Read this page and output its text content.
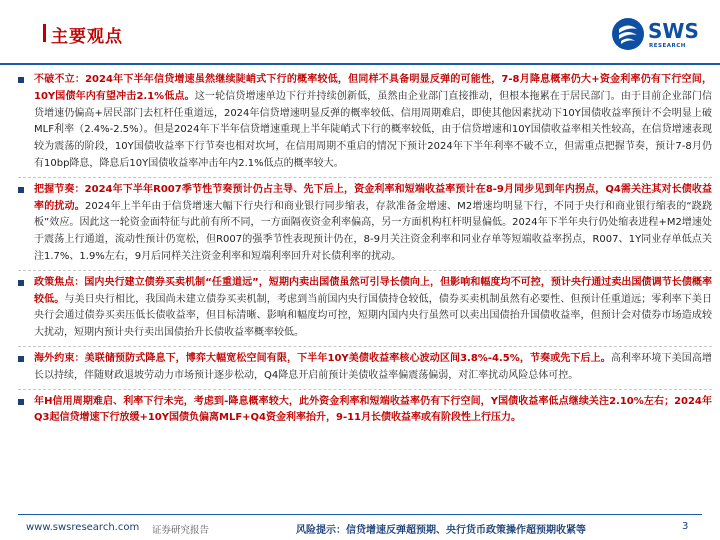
主要观点	SWS
RESEARCH

不破不立：2024年下半年信贷增速虽然继续陡峭式下行的概率较低，但同样不具备明显反弹的可能性，7-8月降息概率仍大+资金利率仍有下行空间，10Y国债年内有望冲击2.1%低点。这一轮信贷增速单边下行并持续创新低，虽然由企业部门直接推动，但根本拖累在于居民部门。由于目前企业部门信贷增速仍偏高+居民部门去杠杆任重道远，2024年信贷增速明显反弹的概率较低、信用周期难启，即使其他因素扰动下10Y国债收益率预计不会明显上破MLF利率（2.4%-2.5%）。但是2024年下半年信贷增速重现上半年陡峭式下行的概率较低，由于信贷增速和10Y国债收益率相关性较高，在信贷增速表现较为震荡的阶段，10Y国债收益率下行节奏也相对坎坷，在信用周期不重启的情况下预计2024年下半年利率不破不立，但需重点把握节奏，预计7-8月仍有10bp降息，降息后10Y国债收益率冲击年内2.1%低点的概率较大。

把握节奏：2024年下半年R007季节性节奏预计仍占主导、先下后上，资金利率和短端收益率预计在8-9月同步见到年内拐点，Q4需关注其对长债收益率的扰动。2024年上半年由于信贷增速大幅下行央行和商业银行同步缩表，存款准备金增速、M2增速均明显下行，不同于央行和商业银行缩表的“跷跷板”效应。因此这一轮资金面特征与此前有所不同，一方面隔夜资金利率偏高，另一方面机构杠杆明显偏低。2024年下半年央行仍处缩表进程+M2增速处于震荡上行通道，流动性预计仍宽松，但R007的强季节性表现预计仍在，8-9月关注资金利率和同业存单等短端收益率拐点，R007、1Y同业存单低点关注1.7%、1.9%左右，9月后同样关注资金利率和短端利率回升对长债利率的扰动。

政策焦点：国内央行建立债券买卖机制“任重道远”，短期内卖出国债虽然可引导长债向上，但影响和幅度均不可控，预计央行通过卖出国债调节长债概率较低。与美日央行相比，我国尚未建立债券买卖机制，考虑到当前国内央行国债持仓较低，债券买卖机制虽然有必要性、但预计任重道远；零利率下美日央行会通过债券买卖压低长债收益率，但目标清晰、影响和幅度均可控，短期内国内央行虽然可以卖出国债抬升国债收益率，但预计会对债券市场造成较大扰动，短期内预计央行卖出国债抬升长债收益率概率较低。

海外约束：美联储预防式降息下，博弈大幅宽松空间有限，下半年10Y美债收益率核心波动区间3.8%-4.5%，节奏或先下后上。高利率环境下美国高增长以持续，伴随财政退坡劳动力市场预计逐步松动，Q4降息开启前预计美债收益率偏震荡偏弱，对汇率扰动风险总体可控。

年H信用周期难启、利率下行未完，考虑到-降息概率较大，此外资金利率和短端收益率仍有下行空间，Y国债收益率低点继续关注2.10%左右；2024年Q3起信贷增速下行放缓+10Y国债负偏离MLF+Q4资金利率抬升，9-11月长债收益率或有阶段性上行压力。

www.swsresearch.com 证券研究报告	风险提示：信贷增速反弹超预期、央行货币政策操作超预期收紧等	3
